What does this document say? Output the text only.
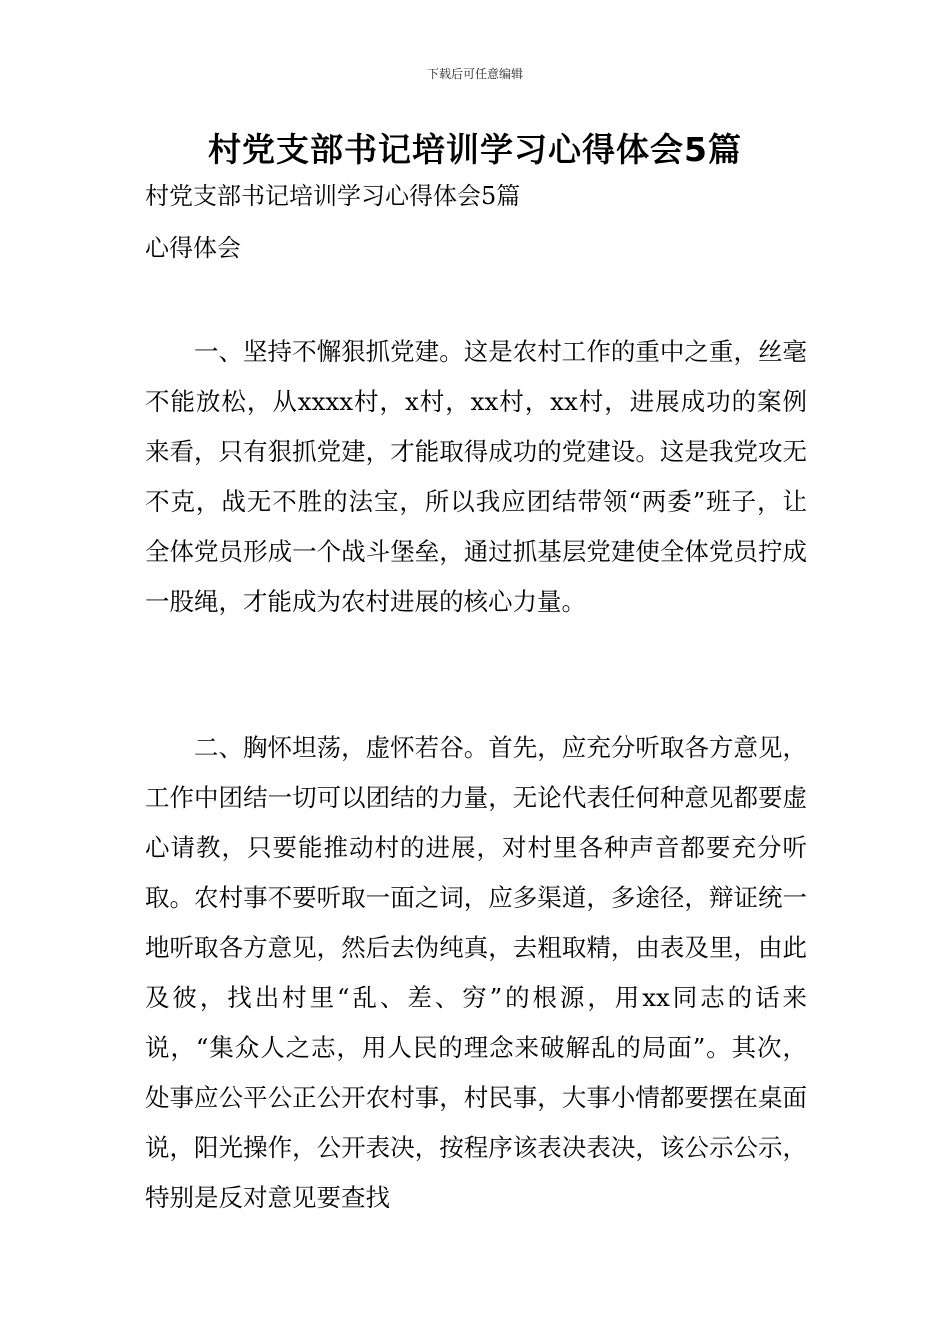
下载后可任意编辑
村党支部书记培训学习心得体会5篇
村党支部书记培训学习心得体会5篇
心得体会

一、坚持不懈狠抓党建。这是农村工作的重中之重，丝毫不能放松，从xxxx村，x村，xx村，xx村，进展成功的案例来看，只有狠抓党建，才能取得成功的党建设。这是我党攻无不克，战无不胜的法宝，所以我应团结带领“两委”班子，让全体党员形成一个战斗堡垒，通过抓基层党建使全体党员拧成一股绳，才能成为农村进展的核心力量。

二、胸怀坦荡，虚怀若谷。首先，应充分听取各方意见，工作中团结一切可以团结的力量，无论代表任何种意见都要虚心请教，只要能推动村的进展，对村里各种声音都要充分听取。农村事不要听取一面之词，应多渠道，多途径，辩证统一地听取各方意见，然后去伪纯真，去粗取精，由表及里，由此及彼，找出村里“乱、差、穷”的根源，用xx同志的话来说，“集众人之志，用人民的理念来破解乱的局面”。其次，处事应公平公正公开农村事，村民事，大事小情都要摆在桌面说，阳光操作，公开表决，按程序该表决表决，该公示公示，特别是反对意见要查找
